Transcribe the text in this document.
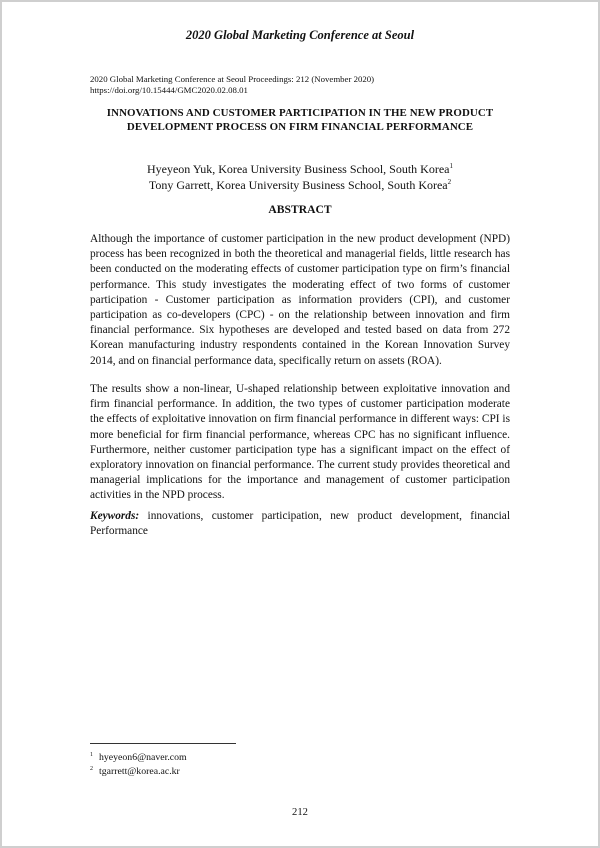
2020 Global Marketing Conference at Seoul
2020 Global Marketing Conference at Seoul Proceedings: 212 (November 2020)
https://doi.org/10.15444/GMC2020.02.08.01
INNOVATIONS AND CUSTOMER PARTICIPATION IN THE NEW PRODUCT DEVELOPMENT PROCESS ON FIRM FINANCIAL PERFORMANCE
Hyeyeon Yuk, Korea University Business School, South Korea$^1$
Tony Garrett, Korea University Business School, South Korea$^2$
ABSTRACT
Although the importance of customer participation in the new product development (NPD) process has been recognized in both the theoretical and managerial fields, little research has been conducted on the moderating effects of customer participation type on firm’s financial performance. This study investigates the moderating effect of two forms of customer participation - Customer participation as information providers (CPI), and customer participation as co-developers (CPC) - on the relationship between innovation and firm financial performance. Six hypotheses are developed and tested based on data from 272 Korean manufacturing industry respondents contained in the Korean Innovation Survey 2014, and on financial performance data, specifically return on assets (ROA).
The results show a non-linear, U-shaped relationship between exploitative innovation and firm financial performance. In addition, the two types of customer participation moderate the effects of exploitative innovation on firm financial performance in different ways: CPI is more beneficial for firm financial performance, whereas CPC has no significant influence. Furthermore, neither customer participation type has a significant impact on the effect of exploratory innovation on financial performance. The current study provides theoretical and managerial implications for the importance and management of customer participation activities in the NPD process.
Keywords: innovations, customer participation, new product development, financial Performance
$^1$ hyeyeon6@naver.com
$^2$ tgarrett@korea.ac.kr
212
